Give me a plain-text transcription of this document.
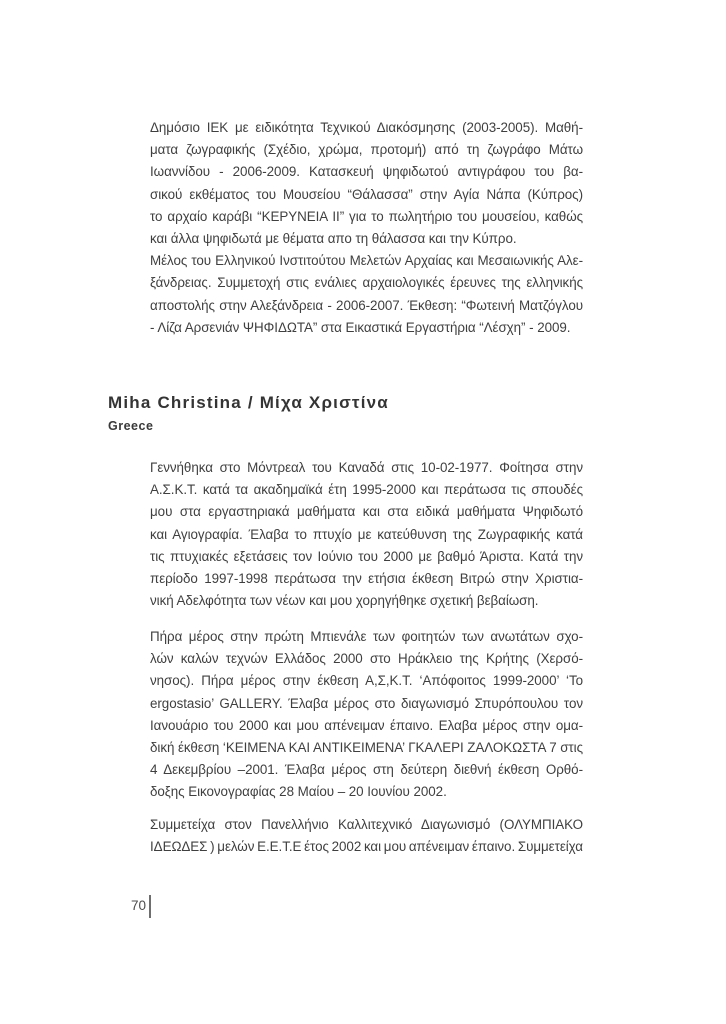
Δημόσιο ΙΕΚ με ειδικότητα Τεχνικού Διακόσμησης (2003-2005). Μαθή-
ματα ζωγραφικής (Σχέδιο, χρώμα, προτομή) από τη ζωγράφο Μάτω
Ιωαννίδου - 2006-2009. Κατασκευή ψηφιδωτού αντιγράφου του βα-
σικού εκθέματος του Μουσείου “Θάλασσα” στην Αγία Νάπα (Κύπρος)
το αρχαίο καράβι “ΚΕΡΥΝΕΙΑ ΙΙ” για το πωλητήριο του μουσείου, καθώς
και άλλα ψηφιδωτά με θέματα απο τη θάλασσα και την Κύπρο.
Μέλος του Ελληνικού Ινστιτούτου Μελετών Αρχαίας και Μεσαιωνικής Αλε-
ξάνδρειας. Συμμετοχή στις ενάλιες αρχαιολογικές έρευνες της ελληνικής
αποστολής στην Αλεξάνδρεια - 2006-2007. Έκθεση: “Φωτεινή Ματζόγλου
- Λίζα Αρσενιάν ΨΗΦΙΔΩΤΑ” στα Εικαστικά Εργαστήρια “Λέσχη” - 2009.
Miha Christina / Μίχα Χριστίνα
Greece
Γεννήθηκα στο Μόντρεαλ του Καναδά στις 10-02-1977. Φοίτησα στην
Α.Σ.Κ.Τ. κατά τα ακαδημαϊκά έτη 1995-2000 και περάτωσα τις σπουδές
μου στα εργαστηριακά μαθήματα και στα ειδικά μαθήματα Ψηφιδωτό
και Αγιογραφία. Έλαβα το πτυχίο με κατεύθυνση της Ζωγραφικής κατά
τις πτυχιακές εξετάσεις τον Ιούνιο του 2000 με βαθμό Άριστα. Κατά την
περίοδο 1997-1998 περάτωσα την ετήσια έκθεση Βιτρώ στην Χριστια-
νική Αδελφότητα των νέων και μου χορηγήθηκε σχετική βεβαίωση.
Πήρα μέρος στην πρώτη Μπιενάλε των φοιτητών των ανωτάτων σχο-
λών καλών τεχνών Ελλάδος 2000 στο Ηράκλειο της Κρήτης (Χερσό-
νησος). Πήρα μέρος στην έκθεση Α,Σ,Κ.Τ. ‘Απόφοιτος 1999-2000’ ‘Το
ergostasio’ GALLERY. Έλαβα μέρος στο διαγωνισμό Σπυρόπουλου τον
Ιανουάριο του 2000 και μου απένειμαν έπαινο. Ελαβα μέρος στην ομα-
δική έκθεση ‘ΚΕΙΜΕΝΑ ΚΑΙ ΑΝΤΙΚΕΙΜΕΝΑ’ ΓΚΑΛΕΡΙ ΖΑΛΟΚΩΣΤΑ 7 στις
4 Δεκεμβρίου –2001. Έλαβα μέρος στη δεύτερη διεθνή έκθεση Ορθό-
δοξης Εικονογραφίας 28 Μαίου – 20 Ιουνίου 2002.
Συμμετείχα στον Πανελλήνιο Καλλιτεχνικό Διαγωνισμό (ΟΛΥΜΠΙΑΚΟ
ΙΔΕΩΔΕΣ ) μελών Ε.Ε.Τ.Ε έτος 2002 και μου απένειμαν έπαινο. Συμμετείχα
70
